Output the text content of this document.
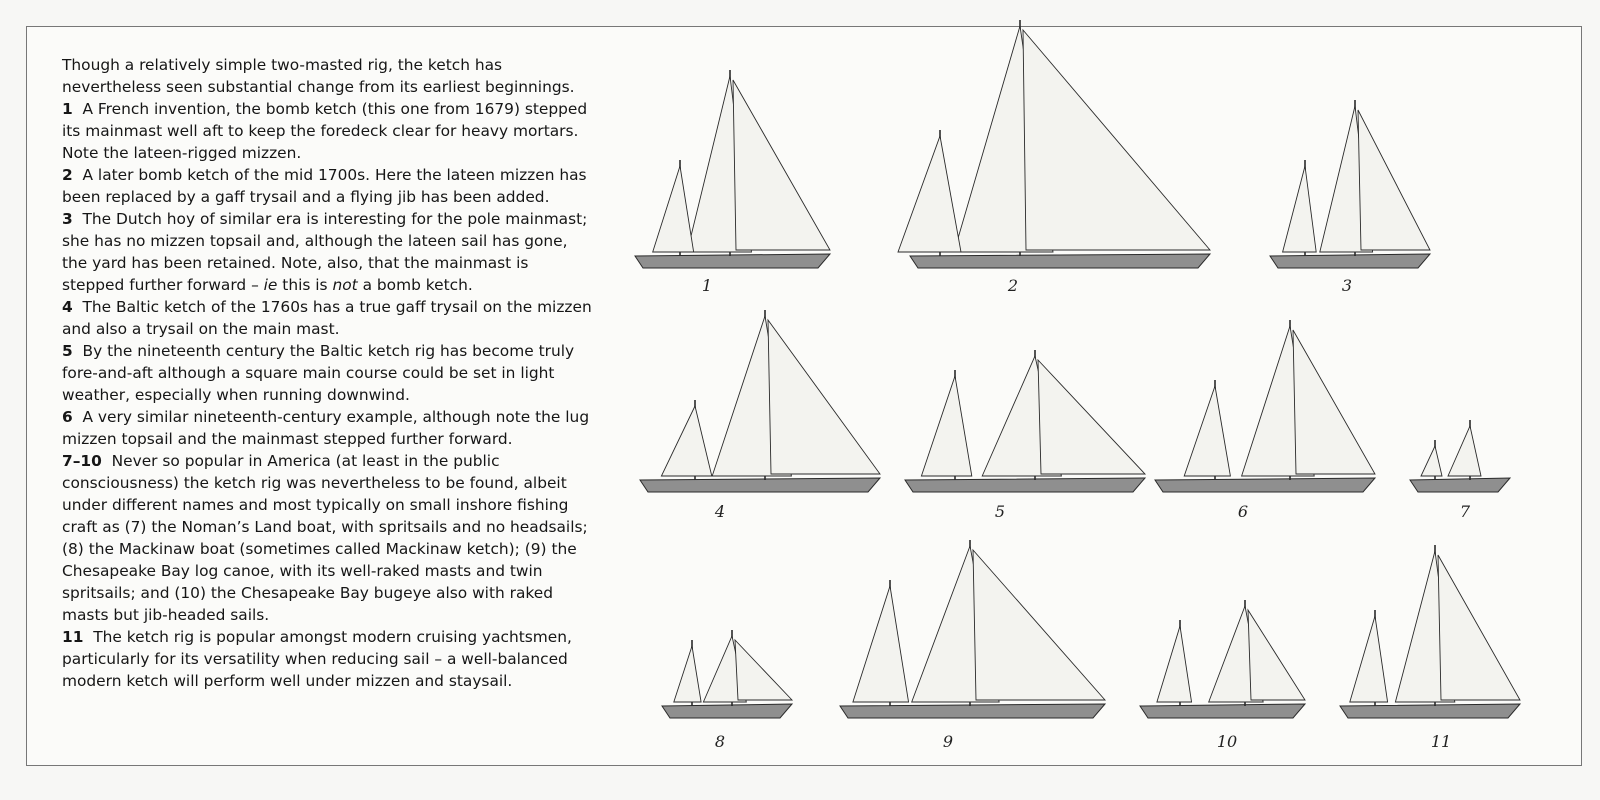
Though a relatively simple two-masted rig, the ketch has nevertheless seen substantial change from its earliest beginnings.

1 A French invention, the bomb ketch (this one from 1679) stepped its mainmast well aft to keep the foredeck clear for heavy mortars. Note the lateen-rigged mizzen.

2 A later bomb ketch of the mid 1700s. Here the lateen mizzen has been replaced by a gaff trysail and a flying jib has been added.

3 The Dutch hoy of similar era is interesting for the pole mainmast; she has no mizzen topsail and, although the lateen sail has gone, the yard has been retained. Note, also, that the mainmast is stepped further forward – ie this is not a bomb ketch.

4 The Baltic ketch of the 1760s has a true gaff trysail on the mizzen and also a trysail on the main mast.

5 By the nineteenth century the Baltic ketch rig has become truly fore-and-aft although a square main course could be set in light weather, especially when running downwind.

6 A very similar nineteenth-century example, although note the lug mizzen topsail and the mainmast stepped further forward.

7–10 Never so popular in America (at least in the public consciousness) the ketch rig was nevertheless to be found, albeit under different names and most typically on small inshore fishing craft as (7) the Noman’s Land boat, with spritsails and no headsails; (8) the Mackinaw boat (sometimes called Mackinaw ketch); (9) the Chesapeake Bay log canoe, with its well-raked masts and twin spritsails; and (10) the Chesapeake Bay bugeye also with raked masts but jib-headed sails.

11 The ketch rig is popular amongst modern cruising yachtsmen, particularly for its versatility when reducing sail – a well-balanced modern ketch will perform well under mizzen and staysail.

1	2	3
4	5	6	7
8	9	10	11
